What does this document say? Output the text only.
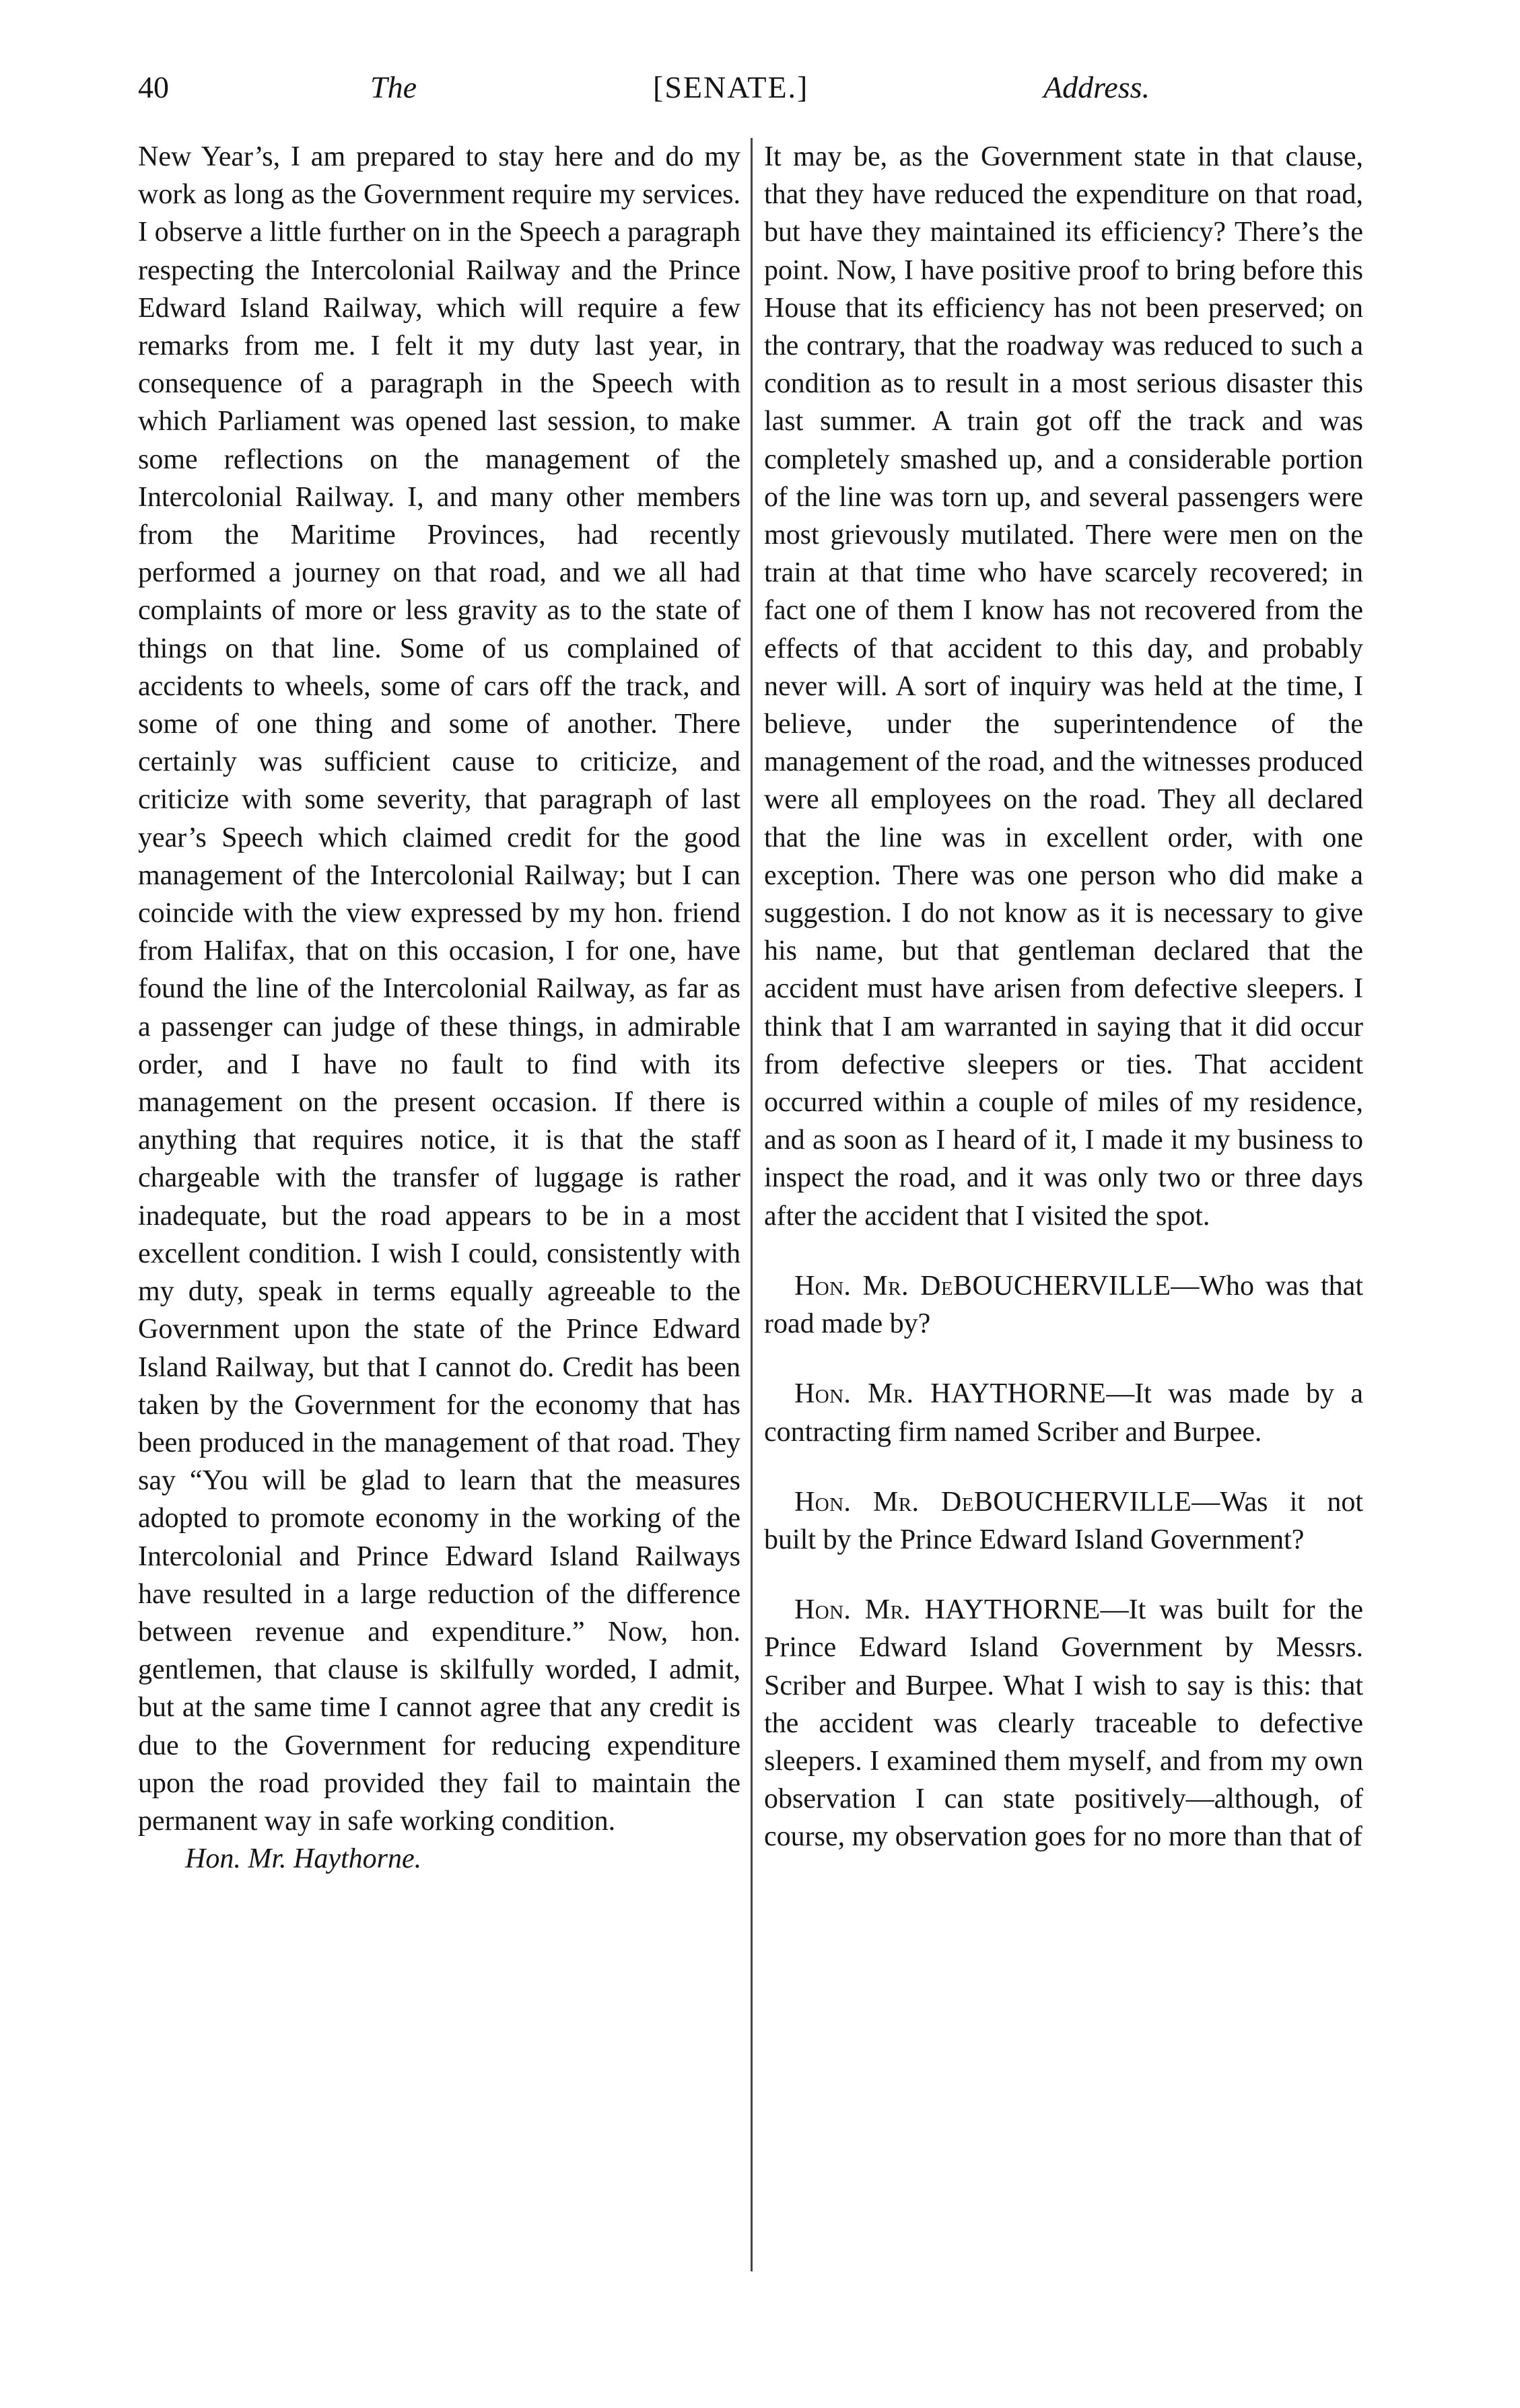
40	The	[SENATE.]	Address.

New Year’s, I am prepared to stay here and do my work as long as the Government require my services. I observe a little further on in the Speech a paragraph respecting the Intercolonial Railway and the Prince Edward Island Railway, which will require a few remarks from me. I felt it my duty last year, in consequence of a paragraph in the Speech with which Parliament was opened last session, to make some reflections on the management of the Intercolonial Railway. I, and many other members from the Maritime Provinces, had recently performed a journey on that road, and we all had complaints of more or less gravity as to the state of things on that line. Some of us complained of accidents to wheels, some of cars off the track, and some of one thing and some of another. There certainly was sufficient cause to criticize, and criticize with some severity, that paragraph of last year’s Speech which claimed credit for the good management of the Intercolonial Railway; but I can coincide with the view expressed by my hon. friend from Halifax, that on this occasion, I for one, have found the line of the Intercolonial Railway, as far as a passenger can judge of these things, in admirable order, and I have no fault to find with its management on the present occasion. If there is anything that requires notice, it is that the staff chargeable with the transfer of luggage is rather inadequate, but the road appears to be in a most excellent condition. I wish I could, consistently with my duty, speak in terms equally agreeable to the Government upon the state of the Prince Edward Island Railway, but that I cannot do. Credit has been taken by the Government for the economy that has been produced in the management of that road. They say “You will be glad to learn that the measures adopted to promote economy in the working of the Intercolonial and Prince Edward Island Railways have resulted in a large reduction of the difference between revenue and expenditure.” Now, hon. gentlemen, that clause is skilfully worded, I admit, but at the same time I cannot agree that any credit is due to the Government for reducing expenditure upon the road provided they fail to maintain the permanent way in safe working condition.

Hon. Mr. Haythorne.

It may be, as the Government state in that clause, that they have reduced the expenditure on that road, but have they maintained its efficiency? There’s the point. Now, I have positive proof to bring before this House that its efficiency has not been preserved; on the contrary, that the roadway was reduced to such a condition as to result in a most serious disaster this last summer. A train got off the track and was completely smashed up, and a considerable portion of the line was torn up, and several passengers were most grievously mutilated. There were men on the train at that time who have scarcely recovered; in fact one of them I know has not recovered from the effects of that accident to this day, and probably never will. A sort of inquiry was held at the time, I believe, under the superintendence of the management of the road, and the witnesses produced were all employees on the road. They all declared that the line was in excellent order, with one exception. There was one person who did make a suggestion. I do not know as it is necessary to give his name, but that gentleman declared that the accident must have arisen from defective sleepers. I think that I am warranted in saying that it did occur from defective sleepers or ties. That accident occurred within a couple of miles of my residence, and as soon as I heard of it, I made it my business to inspect the road, and it was only two or three days after the accident that I visited the spot.

Hon. Mr. DeBOUCHERVILLE—Who was that road made by?

Hon. Mr. HAYTHORNE—It was made by a contracting firm named Scriber and Burpee.

Hon. Mr. DeBOUCHERVILLE—Was it not built by the Prince Edward Island Government?

Hon. Mr. HAYTHORNE—It was built for the Prince Edward Island Government by Messrs. Scriber and Burpee. What I wish to say is this: that the accident was clearly traceable to defective sleepers. I examined them myself, and from my own observation I can state positively—although, of course, my observation goes for no more than that of
